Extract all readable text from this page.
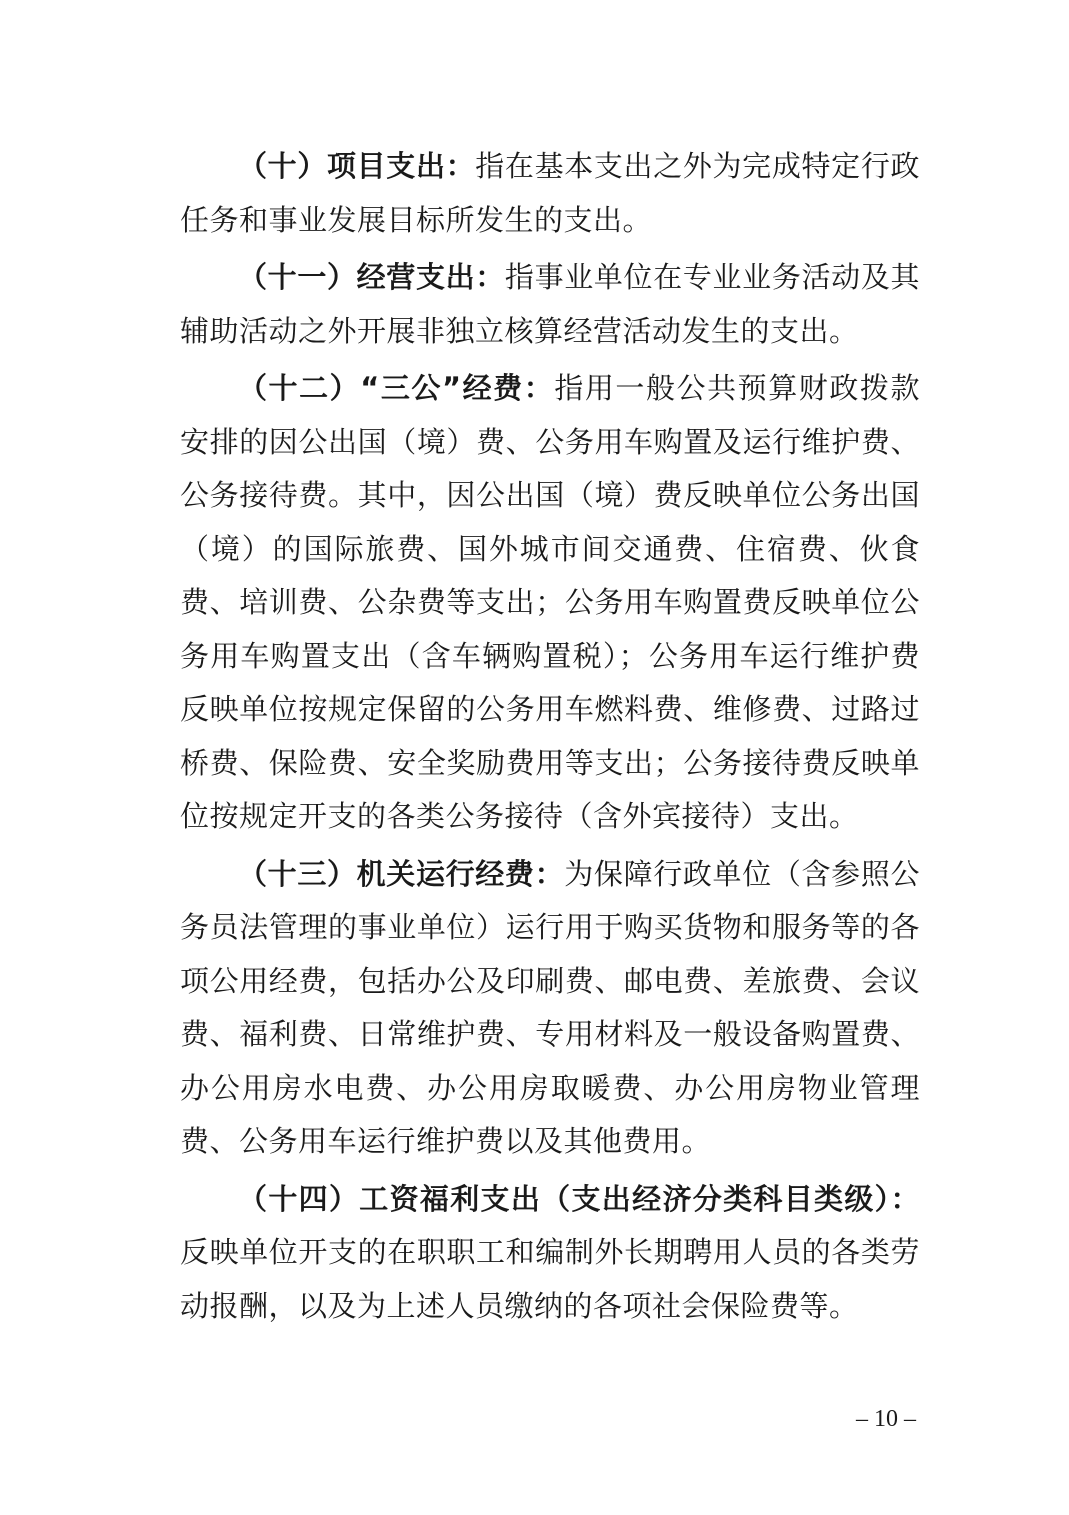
（十）项目支出：指在基本支出之外为完成特定行政任务和事业发展目标所发生的支出。

（十一）经营支出：指事业单位在专业业务活动及其辅助活动之外开展非独立核算经营活动发生的支出。

（十二）“三公”经费：指用一般公共预算财政拨款安排的因公出国（境）费、公务用车购置及运行维护费、公务接待费。其中，因公出国（境）费反映单位公务出国（境）的国际旅费、国外城市间交通费、住宿费、伙食费、培训费、公杂费等支出；公务用车购置费反映单位公务用车购置支出（含车辆购置税）；公务用车运行维护费反映单位按规定保留的公务用车燃料费、维修费、过路过桥费、保险费、安全奖励费用等支出；公务接待费反映单位按规定开支的各类公务接待（含外宾接待）支出。

（十三）机关运行经费：为保障行政单位（含参照公务员法管理的事业单位）运行用于购买货物和服务等的各项公用经费，包括办公及印刷费、邮电费、差旅费、会议费、福利费、日常维护费、专用材料及一般设备购置费、办公用房水电费、办公用房取暖费、办公用房物业管理费、公务用车运行维护费以及其他费用。

（十四）工资福利支出（支出经济分类科目类级）：反映单位开支的在职职工和编制外长期聘用人员的各类劳动报酬，以及为上述人员缴纳的各项社会保险费等。

– 10 –
